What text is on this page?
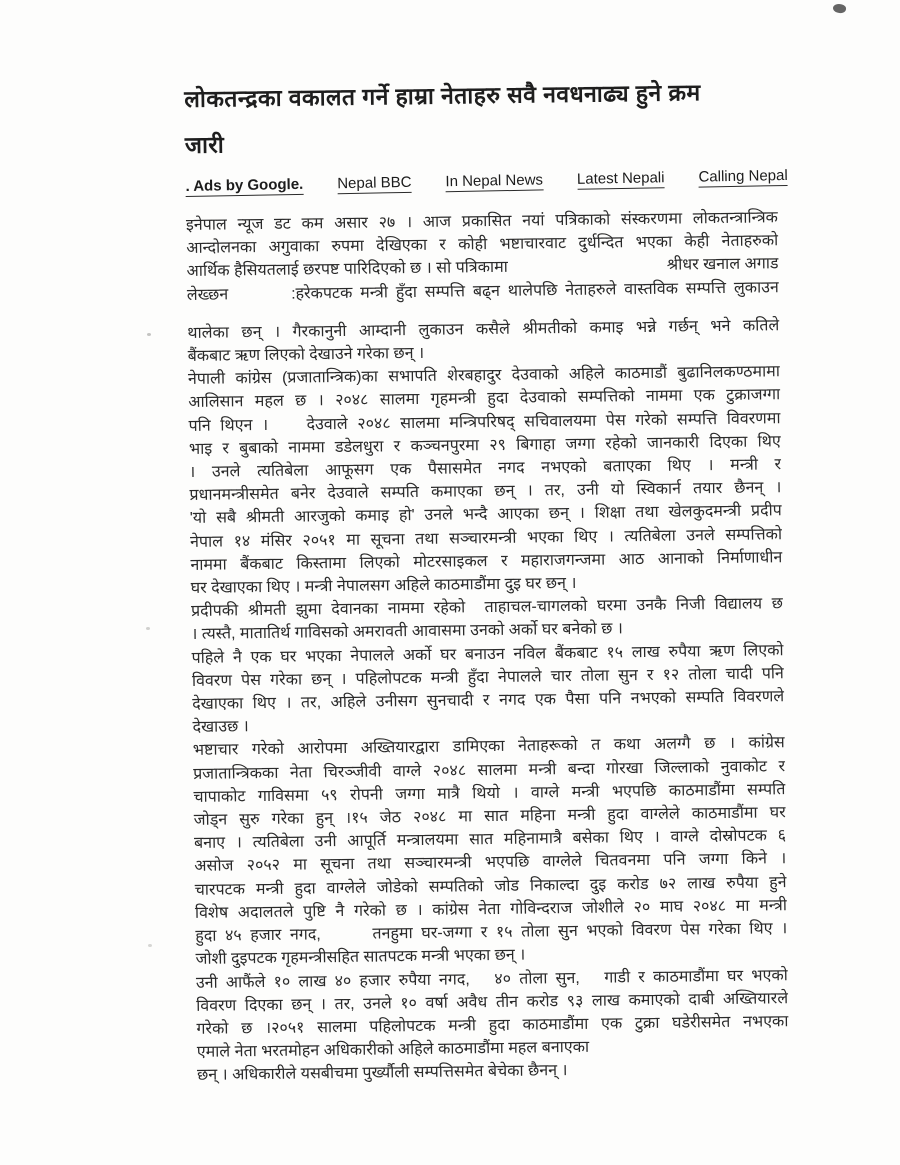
लोकतन्द्रका वकालत गर्ने हाम्रा नेताहरु सवै नवधनाढ्य हुने क्रम
जारी
. Ads by Google. Nepal BBC In Nepal News Latest Nepali Calling Nepal
इनेपाल न्यूज डट कम असार २७ । आज प्रकासित नयां पत्रिकाको संस्करणमा लोकतन्त्रान्त्रिक
आन्दोलनका अगुवाका रुपमा देखिएका र कोही भष्टाचारवाट दुर्धन्दित भएका केही नेताहरुको
आर्थिक हैसियतलाई छरपष्ट पारिदिएको छ । सो पत्रिकामा	श्रीधर खनाल अगाड
लेख्छन        :हरेकपटक मन्त्री हुँदा सम्पत्ति बढ्न थालेपछि नेताहरुले वास्तविक सम्पत्ति लुकाउन
थालेका छन् । गैरकानुनी आम्दानी लुकाउन कसैले श्रीमतीको कमाइ भन्ने गर्छन् भने कतिले
बैंकबाट ऋण लिएको देखाउने गरेका छन् ।
नेपाली कांग्रेस (प्रजातान्त्रिक)का सभापति शेरबहादुर देउवाको अहिले काठमाडौं बुढानिलकण्ठमामा
आलिसान महल छ । २०४८ सालमा गृहमन्त्री हुदा देउवाको सम्पत्तिको नाममा एक टुक्राजग्गा
पनि थिएन ।    देउवाले २०४८ सालमा मन्त्रिपरिषद् सचिवालयमा पेस गरेको सम्पत्ति विवरणमा
भाइ र बुबाको नाममा डडेलधुरा र कञ्चनपुरमा २९ बिगाहा जग्गा रहेको जानकारी दिएका थिए
। उनले त्यतिबेला आफूसग एक पैसासमेत नगद नभएको बताएका थिए । मन्त्री र
प्रधानमन्त्रीसमेत बनेर देउवाले सम्पति कमाएका छन् । तर, उनी यो स्विकार्न तयार छैनन् ।
'यो सबै श्रीमती आरजुको कमाइ हो' उनले भन्दै आएका छन् । शिक्षा तथा खेलकुदमन्त्री प्रदीप
नेपाल १४ मंसिर २०५१ मा सूचना तथा सञ्चारमन्त्री भएका थिए । त्यतिबेला उनले सम्पत्तिको
नाममा बैंकबाट किस्तामा लिएको मोटरसाइकल र महाराजगन्जमा आठ आनाको निर्माणाधीन
घर देखाएका थिए । मन्त्री नेपालसग अहिले काठमाडौंमा दुइ घर छन् ।
प्रदीपकी श्रीमती झुमा देवानका नाममा रहेको  ताहाचल-चागलको घरमा उनकै निजी विद्यालय छ
। त्यस्तै, मातातिर्थ गाविसको अमरावती आवासमा उनको अर्को घर बनेको छ ।
पहिले नै एक घर भएका नेपालले अर्को घर बनाउन नविल बैंकबाट १५ लाख रुपैया ऋण लिएको
विवरण पेस गरेका छन् । पहिलोपटक मन्त्री हुँदा नेपालले चार तोला सुन र १२ तोला चादी पनि
देखाएका थिए । तर, अहिले उनीसग सुनचादी र नगद एक पैसा पनि नभएको सम्पति विवरणले
देखाउछ ।
भष्टाचार गरेको आरोपमा अख्तियारद्वारा डामिएका नेताहरूको त कथा अलग्गै छ । कांग्रेस
प्रजातान्त्रिकका नेता चिरञ्जीवी वाग्ले २०४८ सालमा मन्त्री बन्दा गोरखा जिल्लाको नुवाकोट र
चापाकोट गाविसमा ५९ रोपनी जग्गा मात्रै थियो । वाग्ले मन्त्री भएपछि काठमाडौंमा सम्पति
जोड्न सुरु गरेका हुन् ।१५ जेठ २०४८ मा सात महिना मन्त्री हुदा वाग्लेले काठमाडौंमा घर
बनाए । त्यतिबेला उनी आपूर्ति मन्त्रालयमा सात महिनामात्रै बसेका थिए । वाग्ले दोस्रोपटक ६
असोज २०५२ मा सूचना तथा सञ्चारमन्त्री भएपछि वाग्लेले चितवनमा पनि जग्गा किने ।
चारपटक मन्त्री हुदा वाग्लेले जोडेको सम्पतिको जोड निकाल्दा दुइ करोड ७२ लाख रुपैया हुने
विशेष अदालतले पुष्टि नै गरेको छ । कांग्रेस नेता गोविन्दराज जोशीले २० माघ २०४८ मा मन्त्री
हुदा ४५ हजार नगद,      तनहुमा घर-जग्गा र १५ तोला सुन भएको विवरण पेस गरेका थिए ।
जोशी दुइपटक गृहमन्त्रीसहित सातपटक मन्त्री भएका छन् ।
उनी आफैंले १० लाख ४० हजार रुपैया नगद,   ४० तोला सुन,   गाडी र काठमाडौंमा घर भएको
विवरण दिएका छन् । तर, उनले १० वर्षा अवैध तीन करोड ९३ लाख कमाएको दाबी अख्तियारले
गरेको छ ।२०५१ सालमा पहिलोपटक मन्त्री हुदा काठमाडौंमा एक टुक्रा घडेरीसमेत नभएका
एमाले नेता भरतमोहन अधिकारीको अहिले काठमाडौंमा महल बनाएका
छन् । अधिकारीले यसबीचमा पुर्ख्यौली सम्पत्तिसमेत बेचेका छैनन् ।
